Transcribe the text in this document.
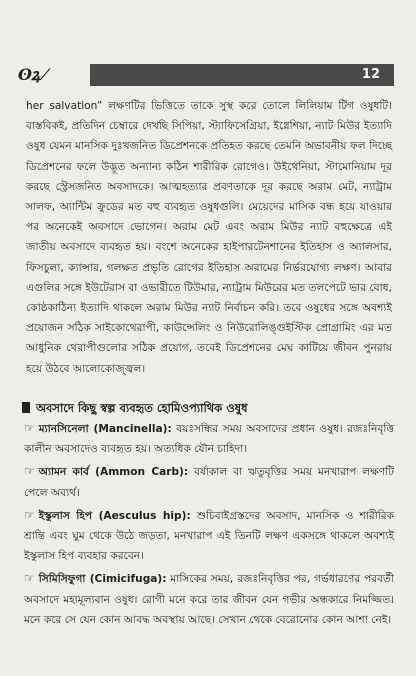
ʘꝝ ⁄	12
her salvation” লক্ষণটির ভিত্তিতে তাকে সুস্থ করে তোলে লিলিয়াম টিগ ওষুধটি। বাস্তবিকই, প্রতিদিন চেম্বারে দেখছি সিপিয়া, স্ট্যাফিসেগ্রিয়া, ইগ্নেশিয়া, ন্যাট মিউর ইত্যাদি ওষুধ যেমন মানসিক দুঃখজনিত ডিপ্রেশনকে প্রতিহত করছে তেমনি অভাবনীয় ফল দিচ্ছে ডিপ্রেশনের ফলে উদ্ভূত অন্যান্য কঠিন শারীরিক রোগেও। উইথেনিয়া, স্টামোনিয়াম দূর করছে স্ট্রেসজনিত অবসাদকে। আত্মহত্যার প্রবণতাকে দূর করছে অরাম মেট, ন্যাট্রাম সালফ, অ্যান্টিম ক্রুডের মত বহু ব্যবহৃত ওষুধগুলি। মেয়েদের মাসিক বন্ধ হয়ে যাওয়ার পর অনেকেই অবসাদে ভোগেন। অরাম মেট এবং অরাম মিউর ন্যাট বহুক্ষেত্রে এই জাতীয় অবসাদে ব্যবহৃত হয়। বংশে অনেকের হাইপারটেনশানের ইতিহাস ও অ্যালসার, ফিসচুলা, ক্যান্সার, গলক্ষত প্রভৃতি রোগের ইতিহাস অরামের নির্ভরযোগ্য লক্ষণ। আবার এগুলির সঙ্গে ইউটেরাস বা ওভারীতে টিউমার, ন্যাট্রাম মিউরের মত তলপেটে ভার বোধ, কোষ্ঠকাঠিন্য ইত্যাদি থাকলে অরাম মিউর ন্যাট নির্বাচন করি। তবে ওষুধের সঙ্গে অবশ্যই প্রয়োজন সঠিক সাইকোথেরাপী, কাউন্সেলিং ও নিউরোলিঙ্গুইস্টিক প্রোগ্রামিং এর মত আধুনিক থেরাপীগুলোর সঠিক প্রয়োগ, তবেই ডিপ্রেশনের মেঘ কাটিয়ে জীবন পুনরায় হয়ে উঠবে আলোকোজ্জ্বল।
অবসাদে কিছু স্বল্প ব্যবহৃত হোমিওপ্যাথিক ওষুধ
☞ ম্যানসিনেলা (Mancinella): বয়ঃসন্ধির সময় অবসাদের প্রধান ওষুধ। রজঃনিবৃত্তি কালীন অবসাদেও ব্যবহৃত হয়। অত্যধিক যৌন চাহিদা।
☞ অ্যামন কার্ব (Ammon Carb): বর্ষাকাল বা ঋতুবৃত্তির সময় মনখারাপ লক্ষণটি পেলে অব্যর্থ।
☞ ইস্কুলাস হিপ (Aesculus hip): শুচিবাইগ্রস্তদের অবসাদ, মানসিক ও শারীরিক শ্রান্তি এবং ঘুম থেকে উঠে জড়তা, মনখারাপ এই তিনটি লক্ষণ একসঙ্গে থাকলে অবশ্যই ইস্কুলাস হিপ ব্যবহার করবেন।
☞ সিমিসিফুগা (Cimicifuga): মাসিকের সময়, রজঃনিবৃত্তির পর, গর্ভধারণের পরবর্তী অবসাদে মহামূল্যবান ওষুধ। রোগী মনে করে তার জীবন যেন গভীর অন্ধকারে নিমজ্জিত। মনে করে সে যেন কোন আবদ্ধ অবস্থায় আছে। সেখান থেকে বেরোনোর কোন আশা নেই।
